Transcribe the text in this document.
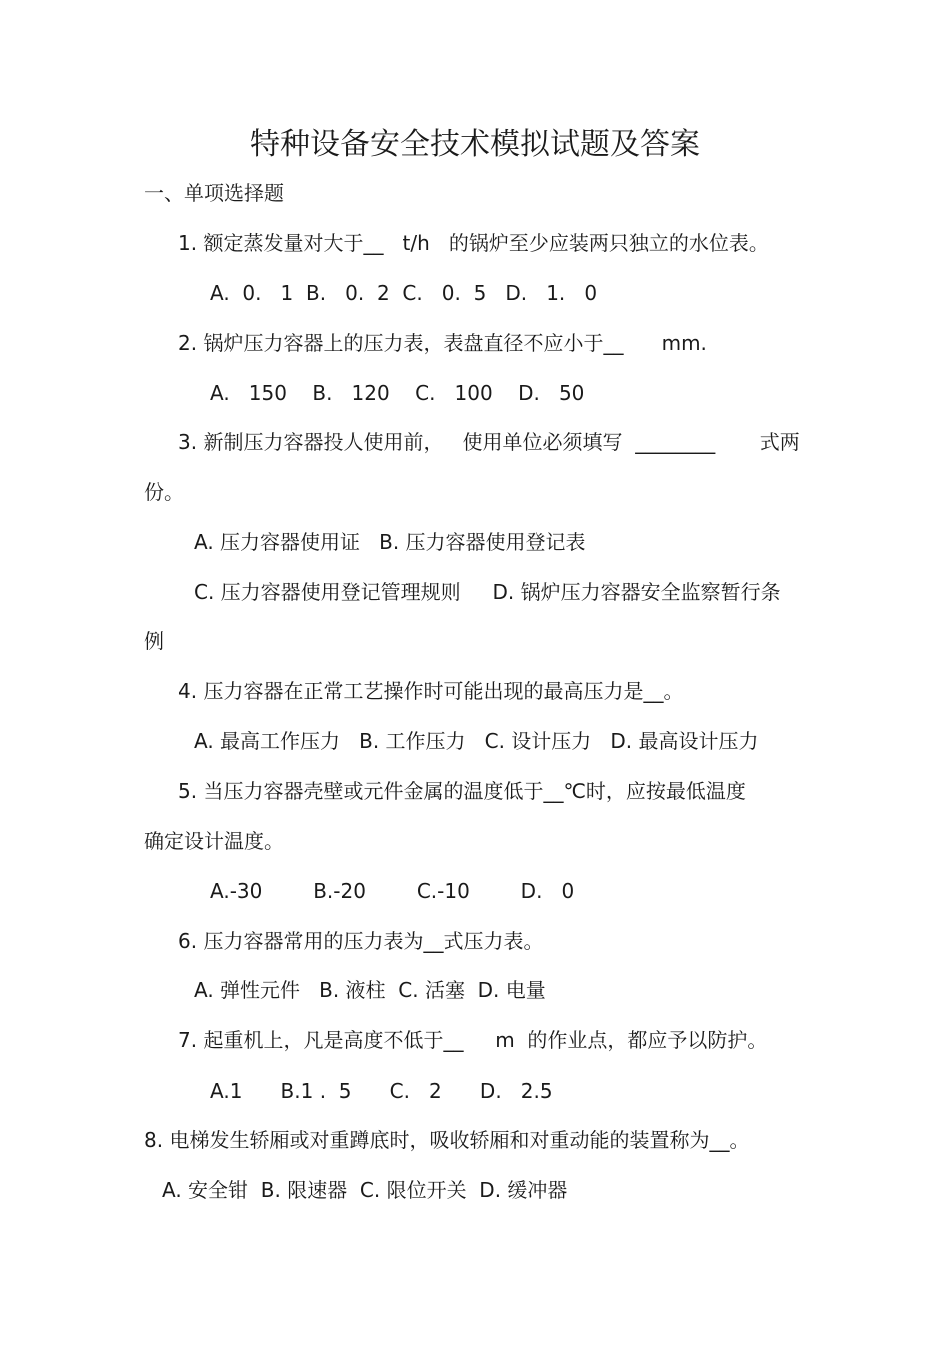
特种设备安全技术模拟试题及答案
一、单项选择题
1. 额定蒸发量对大于__   t/h   的锅炉至少应装两只独立的水位表。
A.  0.   1  B.   0.  2  C.   0.  5   D.   1.   0
2. 锅炉压力容器上的压力表，表盘直径不应小于__      mm.
A.   150    B.   120    C.   100    D.   50
3. 新制压力容器投人使用前，   使用单位必须填写  ________       式两
份。
A. 压力容器使用证   B. 压力容器使用登记表
C. 压力容器使用登记管理规则     D. 锅炉压力容器安全监察暂行条
例
4. 压力容器在正常工艺操作时可能出现的最高压力是__。
A. 最高工作压力   B. 工作压力   C. 设计压力   D. 最高设计压力
5. 当压力容器壳壁或元件金属的温度低于__℃时，应按最低温度
确定设计温度。
A.-30        B.-20        C.-10        D.   0
6. 压力容器常用的压力表为__式压力表。
A. 弹性元件   B. 液柱  C. 活塞  D. 电量
7. 起重机上，凡是高度不低于__     m  的作业点，都应予以防护。
A.1      B.1 .  5      C.   2      D.   2.5
8. 电梯发生轿厢或对重蹲底时，吸收轿厢和对重动能的装置称为__。
A. 安全钳  B. 限速器  C. 限位开关  D. 缓冲器
